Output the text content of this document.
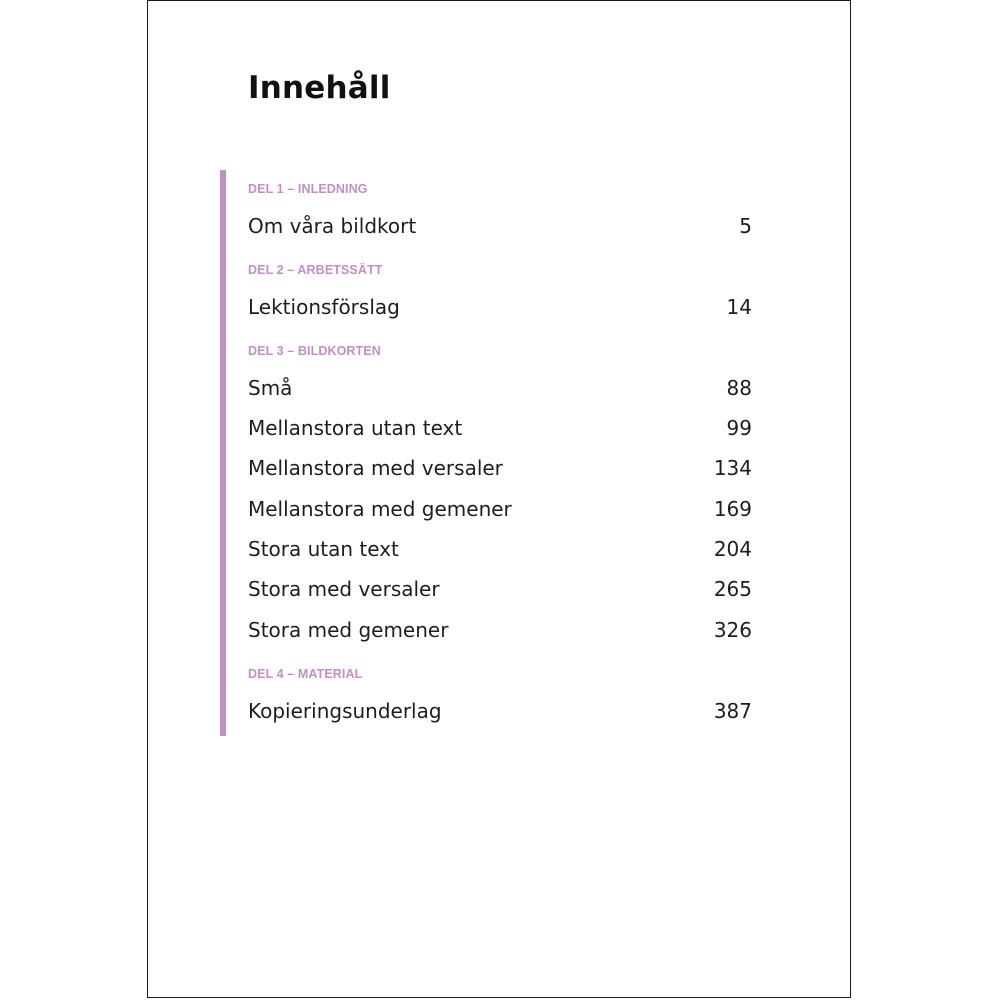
Innehåll
Om våra bildkort	5
Lektionsförslag	14
Små	88
Mellanstora utan text	99
Mellanstora med versaler	134
Mellanstora med gemener	169
Stora utan text	204
Stora med versaler	265
Stora med gemener	326
Kopieringsunderlag	387
